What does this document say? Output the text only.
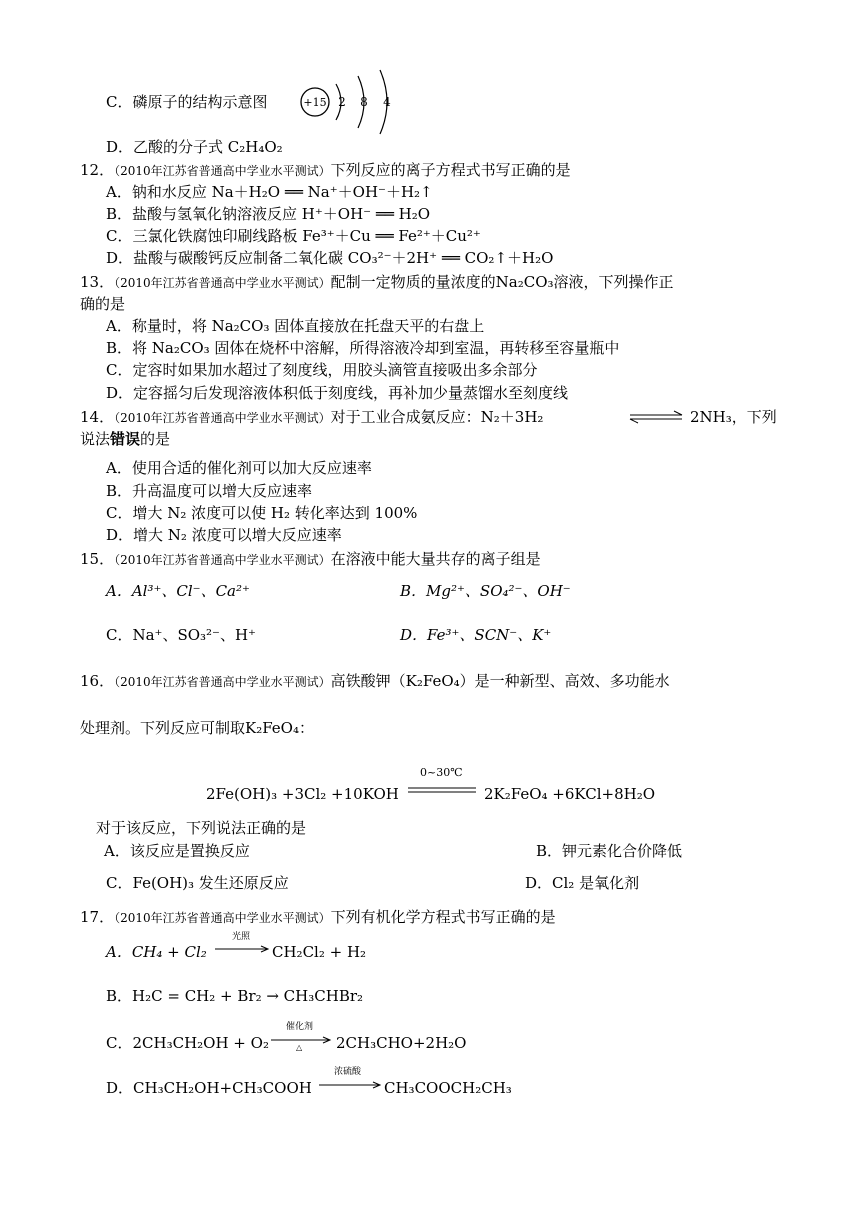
C．磷原子的结构示意图	+15 2 8 4
D．乙酸的分子式 C₂H₄O₂
12．（2010年江苏省普通高中学业水平测试）下列反应的离子方程式书写正确的是
A．钠和水反应 Na＋H₂O ══ Na⁺＋OH⁻＋H₂↑
B．盐酸与氢氧化钠溶液反应 H⁺＋OH⁻ ══ H₂O
C．三氯化铁腐蚀印刷线路板 Fe³⁺＋Cu ══ Fe²⁺＋Cu²⁺
D．盐酸与碳酸钙反应制备二氧化碳 CO₃²⁻＋2H⁺ ══ CO₂↑＋H₂O
13．（2010年江苏省普通高中学业水平测试）配制一定物质的量浓度的Na₂CO₃溶液，下列操作正
确的是
A．称量时，将 Na₂CO₃ 固体直接放在托盘天平的右盘上
B．将 Na₂CO₃ 固体在烧杯中溶解，所得溶液冷却到室温，再转移至容量瓶中
C．定容时如果加水超过了刻度线，用胶头滴管直接吸出多余部分
D．定容摇匀后发现溶液体积低于刻度线，再补加少量蒸馏水至刻度线
14．（2010年江苏省普通高中学业水平测试）对于工业合成氨反应：N₂＋3H₂	⇌ 2NH₃，下列
说法错误的是
A．使用合适的催化剂可以加大反应速率
B．升高温度可以增大反应速率
C．增大 N₂ 浓度可以使 H₂ 转化率达到 100%
D．增大 N₂ 浓度可以增大反应速率
15．（2010年江苏省普通高中学业水平测试）在溶液中能大量共存的离子组是
A．Al³⁺、Cl⁻、Ca²⁺	B．Mg²⁺、SO₄²⁻、OH⁻
C．Na⁺、SO₃²⁻、H⁺	D．Fe³⁺、SCN⁻、K⁺
16．（2010年江苏省普通高中学业水平测试）高铁酸钾（K₂FeO₄）是一种新型、高效、多功能水
处理剂。下列反应可制取K₂FeO₄：
2Fe(OH)₃ +3Cl₂ +10KOH
0~30℃
2K₂FeO₄ +6KCl+8H₂O
对于该反应，下列说法正确的是
A．该反应是置换反应	B．钾元素化合价降低
C．Fe(OH)₃ 发生还原反应	D．Cl₂ 是氧化剂
17．（2010年江苏省普通高中学业水平测试）下列有机化学方程式书写正确的是
A．CH₄ + Cl₂
光照
CH₂Cl₂ + H₂
B．H₂C = CH₂ + Br₂ → CH₃CHBr₂
C．2CH₃CH₂OH + O₂
催化剂
△ 2CH₃CHO+2H₂O
D．CH₃CH₂OH+CH₃COOH
浓硫酸
CH₃COOCH₂CH₃
